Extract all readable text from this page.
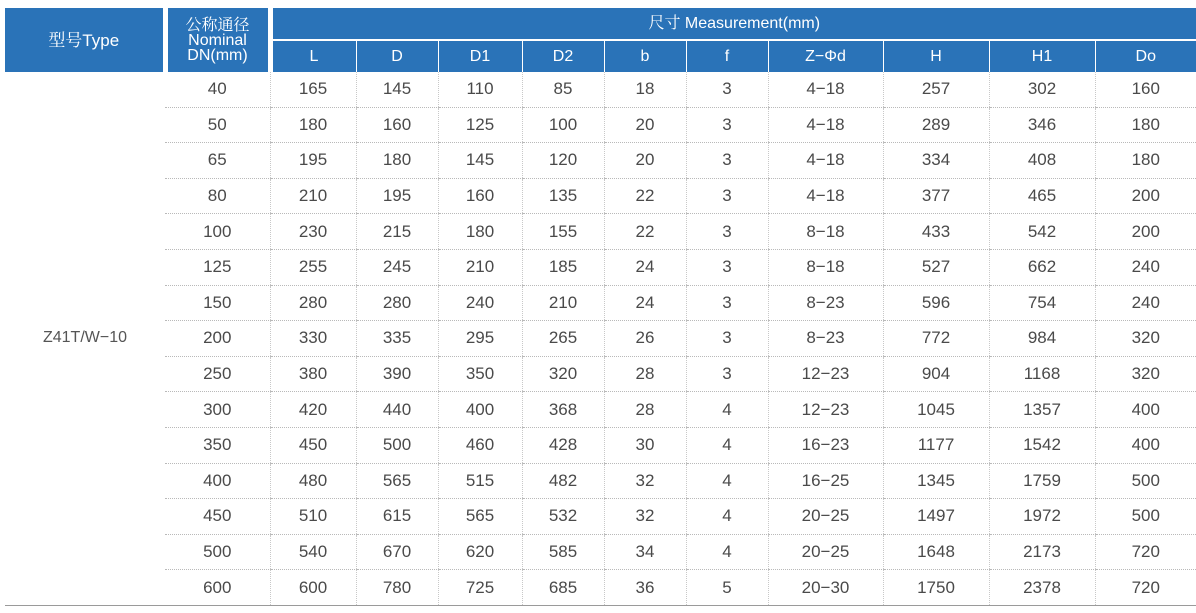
型号Type	公称通径
Nominal
DN(mm)	尺寸 Measurement(mm)									
		L	D	D1	D2	b	f	Z−Φd	H	H1	Do
Z41T/W−10	40	165	145	110	85	18	3	4−18	257	302	160
	50	180	160	125	100	20	3	4−18	289	346	180
	65	195	180	145	120	20	3	4−18	334	408	180
	80	210	195	160	135	22	3	4−18	377	465	200
	100	230	215	180	155	22	3	8−18	433	542	200
	125	255	245	210	185	24	3	8−18	527	662	240
	150	280	280	240	210	24	3	8−23	596	754	240
	200	330	335	295	265	26	3	8−23	772	984	320
	250	380	390	350	320	28	3	12−23	904	1168	320
	300	420	440	400	368	28	4	12−23	1045	1357	400
	350	450	500	460	428	30	4	16−23	1177	1542	400
	400	480	565	515	482	32	4	16−25	1345	1759	500
	450	510	615	565	532	32	4	20−25	1497	1972	500
	500	540	670	620	585	34	4	20−25	1648	2173	720
	600	600	780	725	685	36	5	20−30	1750	2378	720
